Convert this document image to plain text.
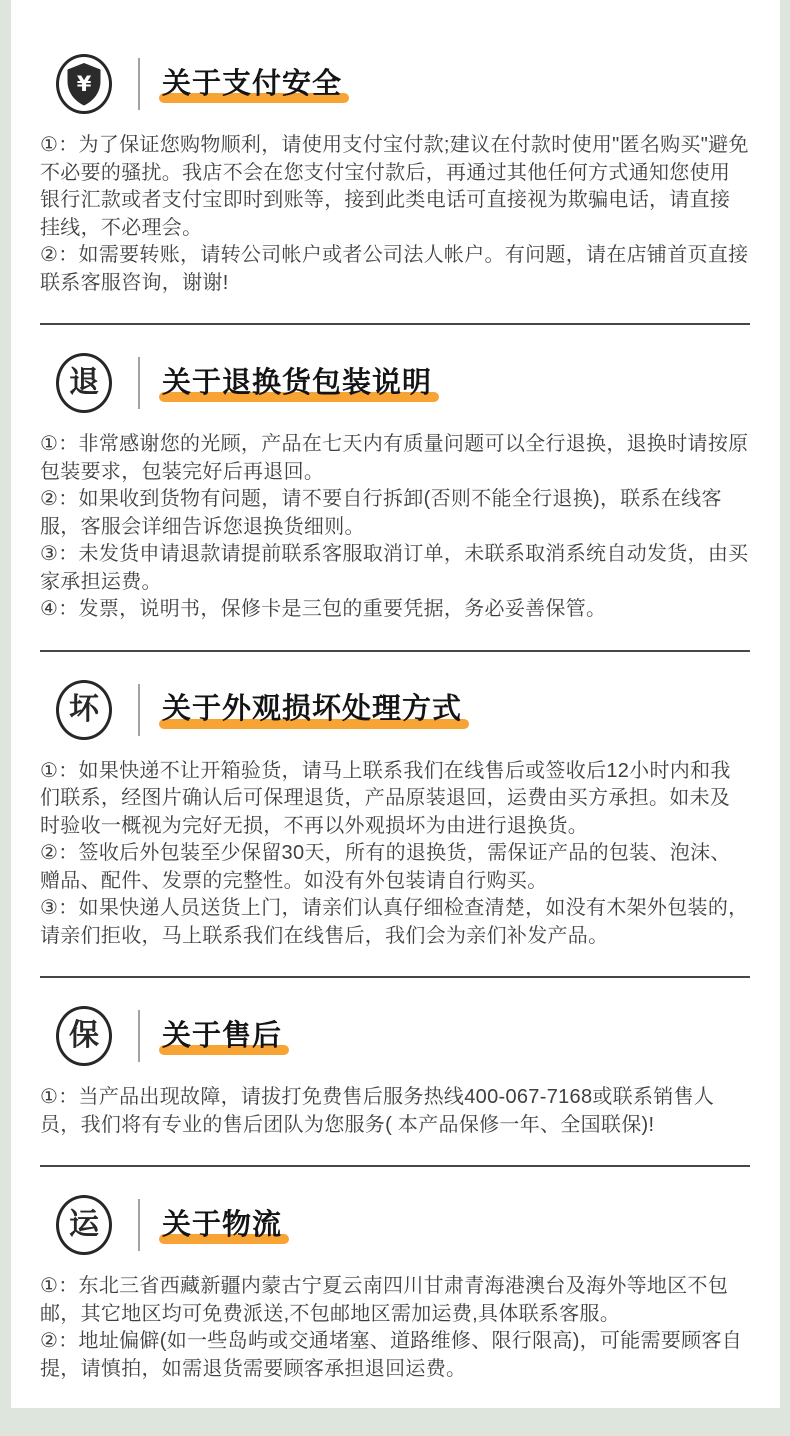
¥ 关于支付安全

①：为了保证您购物顺利，请使用支付宝付款;建议在付款时使用"匿名购买"避免不必要的骚扰。我店不会在您支付宝付款后，再通过其他任何方式通知您使用银行汇款或者支付宝即时到账等，接到此类电话可直接视为欺骗电话，请直接挂线，不必理会。

②：如需要转账，请转公司帐户或者公司法人帐户。有问题，请在店铺首页直接联系客服咨询，谢谢!

退 关于退换货包装说明

①：非常感谢您的光顾，产品在七天内有质量问题可以全行退换，退换时请按原包装要求，包装完好后再退回。

②：如果收到货物有问题，请不要自行拆卸(否则不能全行退换)，联系在线客服，客服会详细告诉您退换货细则。

③：未发货申请退款请提前联系客服取消订单，未联系取消系统自动发货，由买家承担运费。

④：发票，说明书，保修卡是三包的重要凭据，务必妥善保管。

坏 关于外观损坏处理方式

①：如果快递不让开箱验货，请马上联系我们在线售后或签收后12小时内和我们联系，经图片确认后可保理退货，产品原装退回，运费由买方承担。如未及时验收一概视为完好无损，不再以外观损坏为由进行退换货。

②：签收后外包装至少保留30天，所有的退换货，需保证产品的包装、泡沫、赠品、配件、发票的完整性。如没有外包装请自行购买。

③：如果快递人员送货上门，请亲们认真仔细检查清楚，如没有木架外包装的，请亲们拒收，马上联系我们在线售后，我们会为亲们补发产品。

保 关于售后

①：当产品出现故障，请拔打免费售后服务热线400-067-7168或联系销售人员，我们将有专业的售后团队为您服务( 本产品保修一年、全国联保)!

运 关于物流

①：东北三省西藏新疆内蒙古宁夏云南四川甘肃青海港澳台及海外等地区不包邮，其它地区均可免费派送,不包邮地区需加运费,具体联系客服。

②：地址偏僻(如一些岛屿或交通堵塞、道路维修、限行限高)，可能需要顾客自提，请慎拍，如需退货需要顾客承担退回运费。
